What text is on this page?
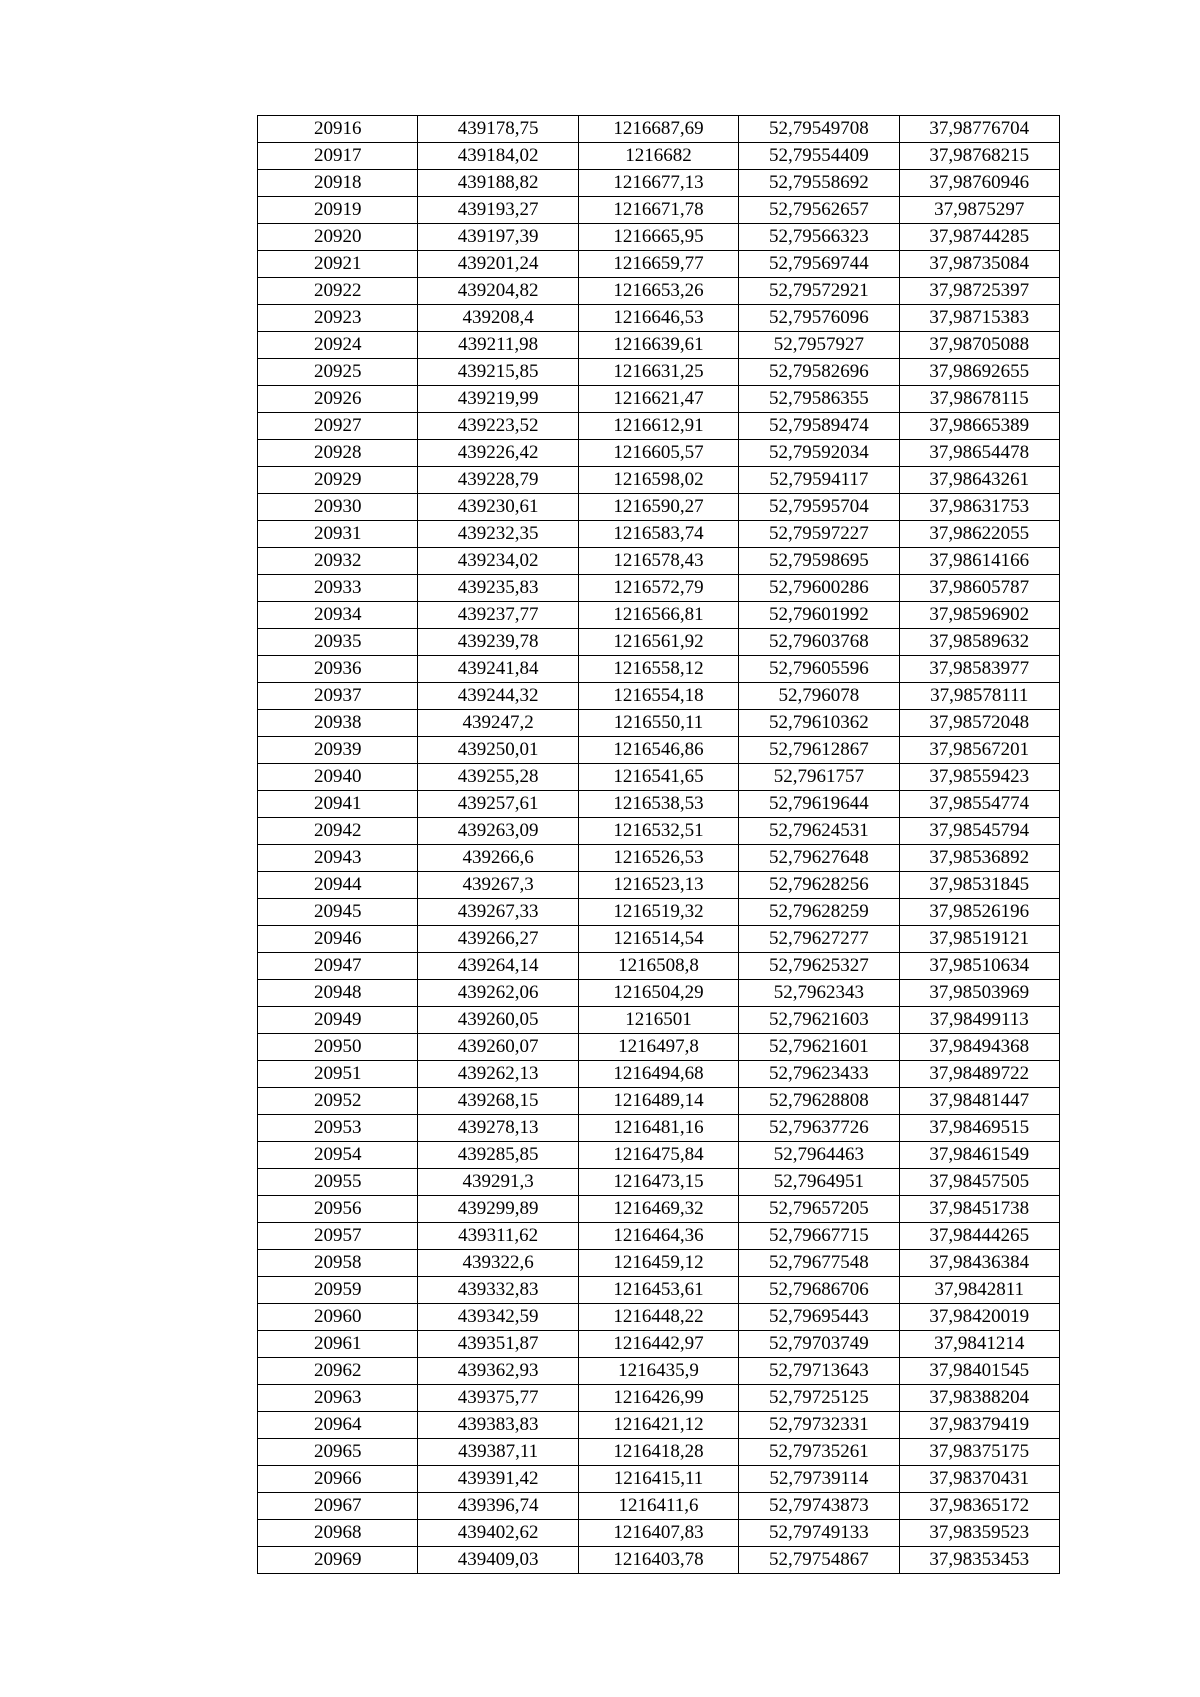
20916	439178,75	1216687,69	52,79549708	37,98776704
20917	439184,02	1216682	52,79554409	37,98768215
20918	439188,82	1216677,13	52,79558692	37,98760946
20919	439193,27	1216671,78	52,79562657	37,9875297
20920	439197,39	1216665,95	52,79566323	37,98744285
20921	439201,24	1216659,77	52,79569744	37,98735084
20922	439204,82	1216653,26	52,79572921	37,98725397
20923	439208,4	1216646,53	52,79576096	37,98715383
20924	439211,98	1216639,61	52,7957927	37,98705088
20925	439215,85	1216631,25	52,79582696	37,98692655
20926	439219,99	1216621,47	52,79586355	37,98678115
20927	439223,52	1216612,91	52,79589474	37,98665389
20928	439226,42	1216605,57	52,79592034	37,98654478
20929	439228,79	1216598,02	52,79594117	37,98643261
20930	439230,61	1216590,27	52,79595704	37,98631753
20931	439232,35	1216583,74	52,79597227	37,98622055
20932	439234,02	1216578,43	52,79598695	37,98614166
20933	439235,83	1216572,79	52,79600286	37,98605787
20934	439237,77	1216566,81	52,79601992	37,98596902
20935	439239,78	1216561,92	52,79603768	37,98589632
20936	439241,84	1216558,12	52,79605596	37,98583977
20937	439244,32	1216554,18	52,796078	37,98578111
20938	439247,2	1216550,11	52,79610362	37,98572048
20939	439250,01	1216546,86	52,79612867	37,98567201
20940	439255,28	1216541,65	52,7961757	37,98559423
20941	439257,61	1216538,53	52,79619644	37,98554774
20942	439263,09	1216532,51	52,79624531	37,98545794
20943	439266,6	1216526,53	52,79627648	37,98536892
20944	439267,3	1216523,13	52,79628256	37,98531845
20945	439267,33	1216519,32	52,79628259	37,98526196
20946	439266,27	1216514,54	52,79627277	37,98519121
20947	439264,14	1216508,8	52,79625327	37,98510634
20948	439262,06	1216504,29	52,7962343	37,98503969
20949	439260,05	1216501	52,79621603	37,98499113
20950	439260,07	1216497,8	52,79621601	37,98494368
20951	439262,13	1216494,68	52,79623433	37,98489722
20952	439268,15	1216489,14	52,79628808	37,98481447
20953	439278,13	1216481,16	52,79637726	37,98469515
20954	439285,85	1216475,84	52,7964463	37,98461549
20955	439291,3	1216473,15	52,7964951	37,98457505
20956	439299,89	1216469,32	52,79657205	37,98451738
20957	439311,62	1216464,36	52,79667715	37,98444265
20958	439322,6	1216459,12	52,79677548	37,98436384
20959	439332,83	1216453,61	52,79686706	37,9842811
20960	439342,59	1216448,22	52,79695443	37,98420019
20961	439351,87	1216442,97	52,79703749	37,9841214
20962	439362,93	1216435,9	52,79713643	37,98401545
20963	439375,77	1216426,99	52,79725125	37,98388204
20964	439383,83	1216421,12	52,79732331	37,98379419
20965	439387,11	1216418,28	52,79735261	37,98375175
20966	439391,42	1216415,11	52,79739114	37,98370431
20967	439396,74	1216411,6	52,79743873	37,98365172
20968	439402,62	1216407,83	52,79749133	37,98359523
20969	439409,03	1216403,78	52,79754867	37,98353453
